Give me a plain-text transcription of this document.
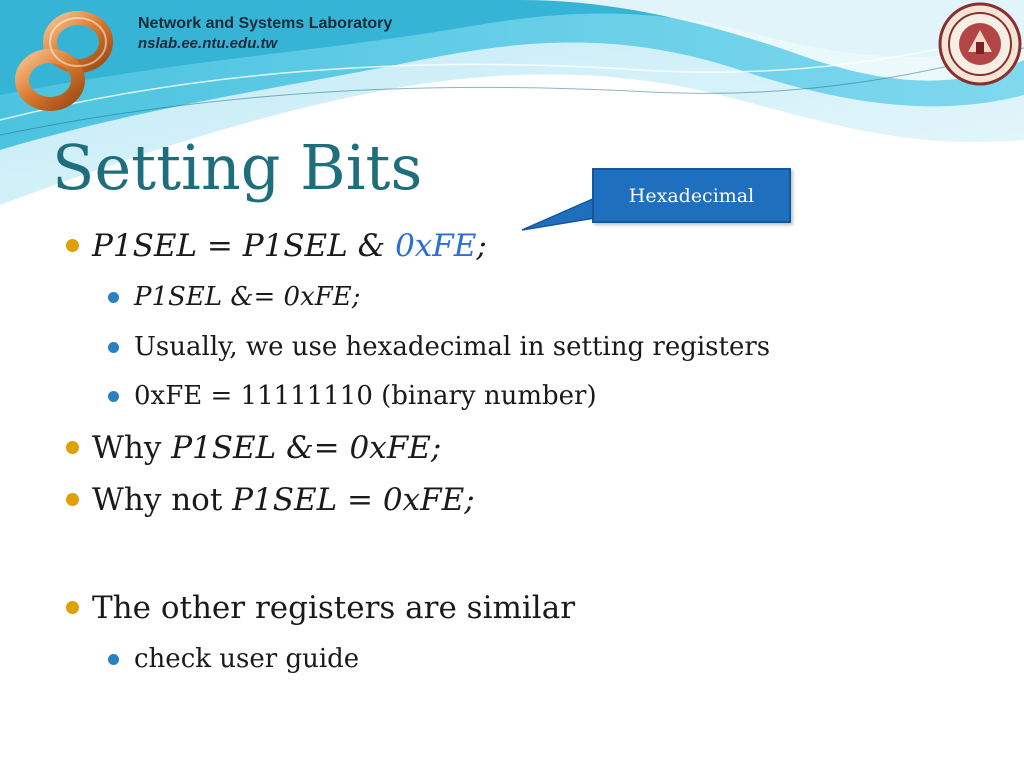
Network and Systems Laboratory
nslab.ee.ntu.edu.tw
Setting Bits	Hexadecimal
P1SEL = P1SEL & 0xFE;
P1SEL &= 0xFE;
Usually, we use hexadecimal in setting registers
0xFE = 11111110 (binary number)
Why P1SEL &= 0xFE;
Why not P1SEL = 0xFE;
The other registers are similar
check user guide
